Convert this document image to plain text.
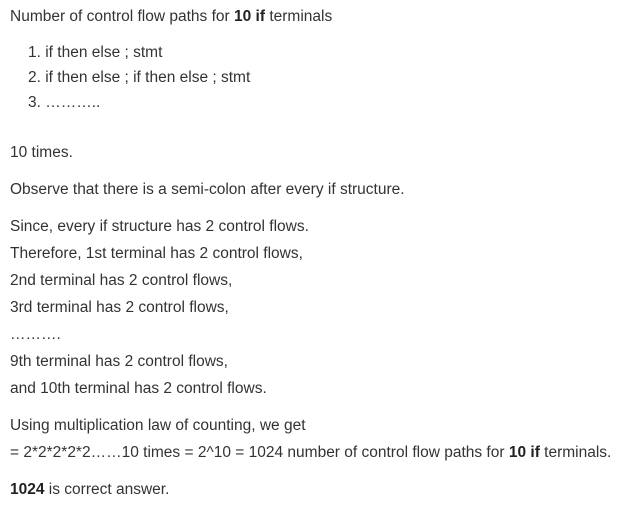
Number of control flow paths for 10 if terminals
1. if then else ; stmt
2. if then else ; if then else ; stmt
3. ………..
10 times.
Observe that there is a semi-colon after every if structure.
Since, every if structure has 2 control flows.
Therefore, 1st terminal has 2 control flows,
2nd terminal has 2 control flows,
3rd terminal has 2 control flows,
……….
9th terminal has 2 control flows,
and 10th terminal has 2 control flows.
Using multiplication law of counting, we get
= 2*2*2*2*2……10 times = 2^10 = 1024 number of control flow paths for 10 if terminals.
1024 is correct answer.
